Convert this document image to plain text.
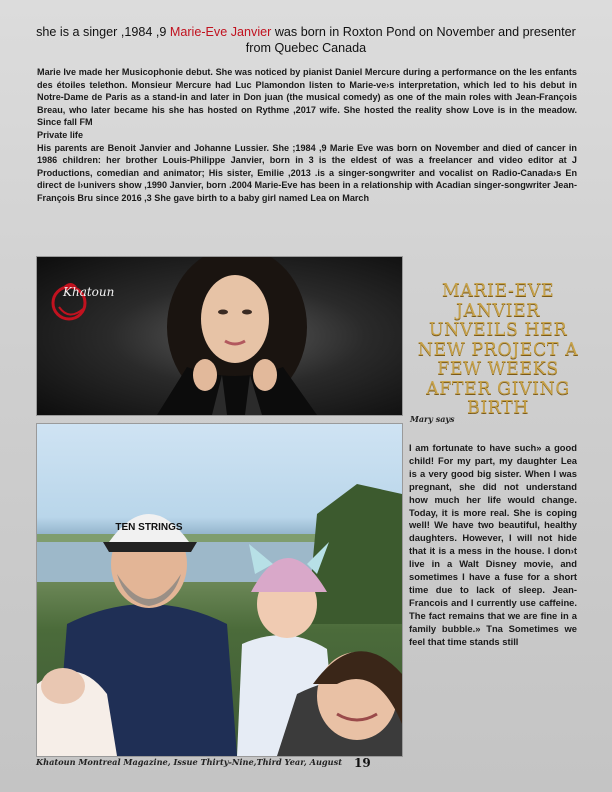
she is a singer ,1984 ,9 Marie-Eve Janvier was born in Roxton Pond on November and presenter from Quebec Canada

Marie Ive made her Musicophonie debut. She was noticed by pianist Daniel Mercure during a performance on the les enfants des étoiles telethon. Monsieur Mercure had Luc Plamondon listen to Marie-ve›s interpretation, which led to his debut in Notre-Dame de Paris as a stand-in and later in Don juan (the musical comedy) as one of the main roles with Jean-François Breau, who later became his she has hosted on Rythme ,2017 wife. She hosted the reality show Love is in the meadow. Since fall FM

Private life

His parents are Benoit Janvier and Johanne Lussier. She ;1984 ,9 Marie Eve was born on November and died of cancer in 1986 children: her brother Louis-Philippe Janvier, born in 3 is the eldest of was a freelancer and video editor at J Productions, comedian and animator; His sister, Emilie ,2013 .is a singer-songwriter and vocalist on Radio-Canada›s En direct de l›univers show ,1990 Janvier, born .2004 Marie-Eve has been in a relationship with Acadian singer-songwriter Jean-François Bru since 2016 ,3 She gave birth to a baby girl named Lea on March

Khatoun	MARIE-EVE JANVIER UNVEILS HER NEW PROJECT A FEW WEEKS AFTER GIVING BIRTH
Mary says
TEN STRINGS
I am fortunate to have such» a good child! For my part, my daughter Lea is a very good big sister. When I was pregnant, she did not understand how much her life would change. Today, it is more real. She is coping well! We have two beautiful, healthy daughters. However, I will not hide that it is a mess in the house. I don›t live in a Walt Disney movie, and sometimes I have a fuse for a short time due to lack of sleep. Jean-Francois and I currently use caffeine. The fact remains that we are fine in a family bubble.» Tna Sometimes we feel that time stands still
Khatoun Montreal Magazine, Issue Thirty-Nine,Third Year, August 19
